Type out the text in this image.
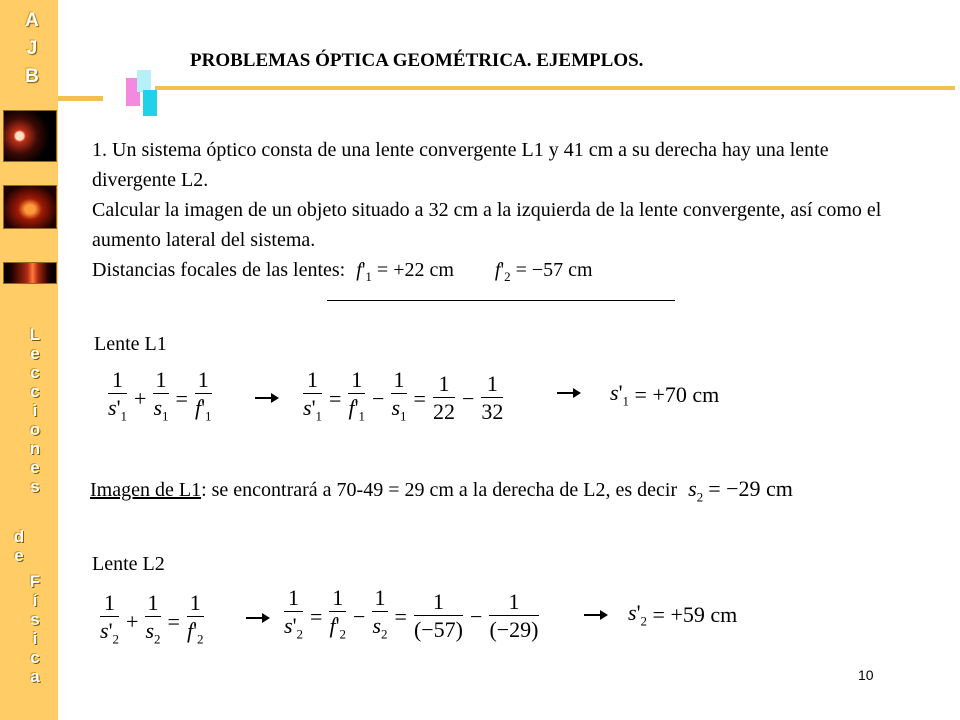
A
J
B
L
e
c
c
i
o
n
e
s
d
e
F
í
s
i
c
a
PROBLEMAS ÓPTICA GEOMÉTRICA. EJEMPLOS.

1. Un sistema óptico consta de una lente convergente L1 y 41 cm a su derecha hay una lente divergente L2.

Calcular la imagen de un objeto situado a 32 cm a la izquierda de la lente convergente, así como el aumento lateral del sistema.

Distancias focales de las lentes: $f'_1 = +22$ cm $f'_2 = -57$ cm

Lente L1
$\frac{1}{s'_1} + \frac{1}{s_1} = \frac{1}{f'_1}$	$\frac{1}{s'_1} = \frac{1}{f'_1} - \frac{1}{s_1} = \frac{1}{22} - \frac{1}{32}$	$s'_1$
= +70 cm
Imagen de L1: se encontrará a 70-49 = 29 cm a la derecha de L2, es decir $s_2 = -29$ cm
Lente L2
$\frac{1}{s'_2} + \frac{1}{s_2} = \frac{1}{f'_2}$	$\frac{1}{s'_2} = \frac{1}{f'_2} - \frac{1}{s_2} = \frac{1}{(-57)} - \frac{1}{(-29)}$	$s'_2$
= +59 cm
10
